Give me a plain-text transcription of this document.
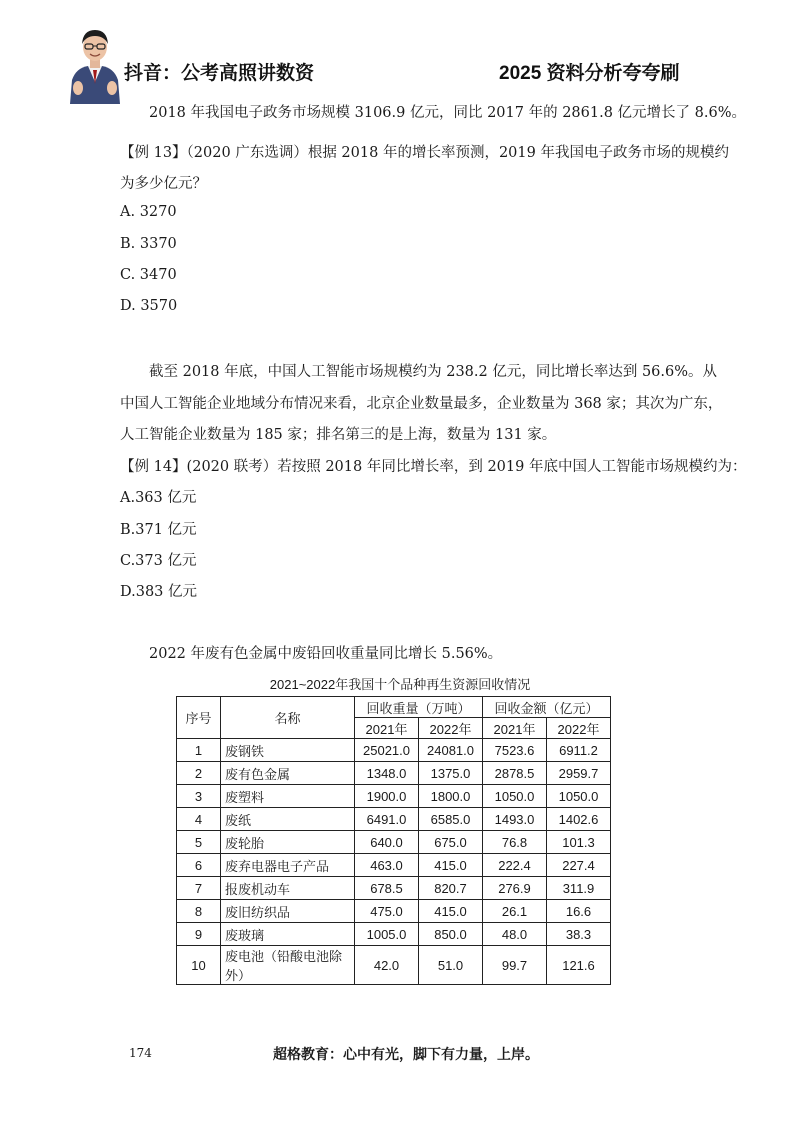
抖音：公考高照讲数资	2025 资料分析夸夸刷
2018 年我国电子政务市场规模 3106.9 亿元，同比 2017 年的 2861.8 亿元增长了 8.6%。
【例 13】（2020 广东选调）根据 2018 年的增长率预测，2019 年我国电子政务市场的规模约
为多少亿元？
A. 3270
B. 3370
C. 3470
D. 3570
截至 2018 年底，中国人工智能市场规模约为 238.2 亿元，同比增长率达到 56.6%。从
中国人工智能企业地域分布情况来看，北京企业数量最多，企业数量为 368 家；其次为广东，
人工智能企业数量为 185 家；排名第三的是上海，数量为 131 家。
【例 14】(2020 联考）若按照 2018 年同比增长率，到 2019 年底中国人工智能市场规模约为：
A.363 亿元
B.371 亿元
C.373 亿元
D.383 亿元
2022 年废有色金属中废铅回收重量同比增长 5.56%。
2021~2022年我国十个品种再生资源回收情况
序号	名称	回收重量（万吨）		回收金额（亿元）	
		2021年	2022年	2021年	2022年
1	废钢铁	25021.0	24081.0	7523.6	6911.2
2	废有色金属	1348.0	1375.0	2878.5	2959.7
3	废塑料	1900.0	1800.0	1050.0	1050.0
4	废纸	6491.0	6585.0	1493.0	1402.6
5	废轮胎	640.0	675.0	76.8	101.3
6	废弃电器电子产品	463.0	415.0	222.4	227.4
7	报废机动车	678.5	820.7	276.9	311.9
8	废旧纺织品	475.0	415.0	26.1	16.6
9	废玻璃	1005.0	850.0	48.0	38.3
10	废电池（铅酸电池除外）	42.0	51.0	99.7	121.6
174	超格教育：心中有光，脚下有力量，上岸。
